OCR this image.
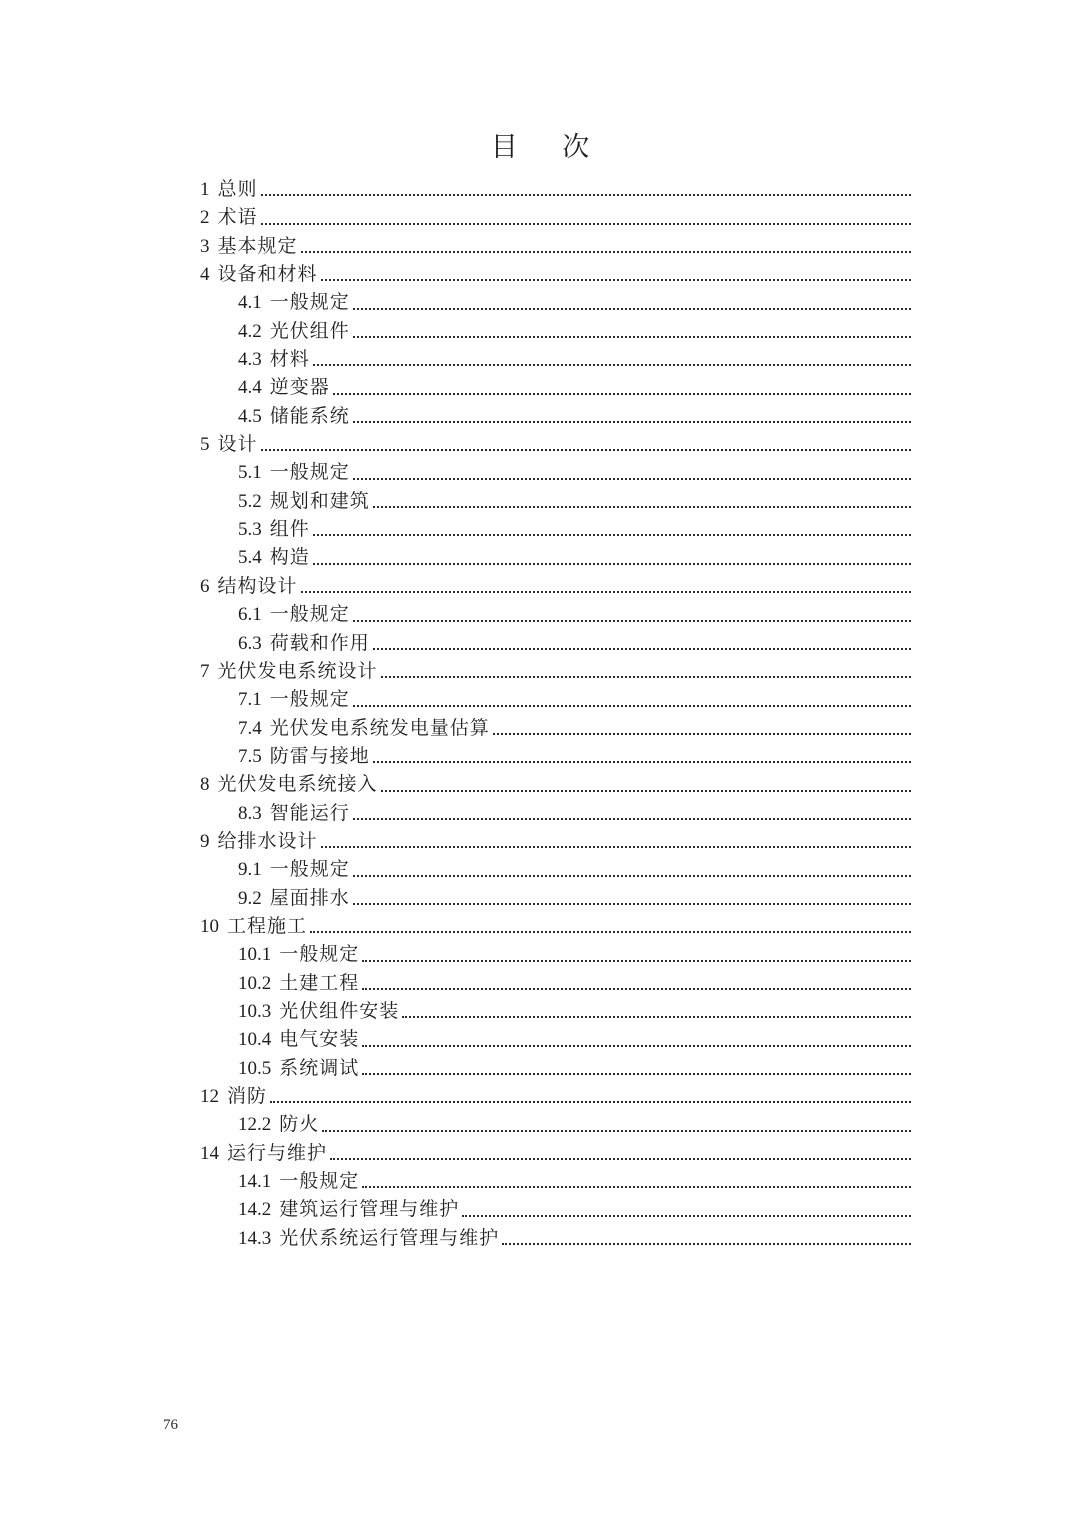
目 次
1 总则
2 术语
3 基本规定
4 设备和材料
4.1 一般规定
4.2 光伏组件
4.3 材料
4.4 逆变器
4.5 储能系统
5 设计
5.1 一般规定
5.2 规划和建筑
5.3 组件
5.4 构造
6 结构设计
6.1 一般规定
6.3 荷载和作用
7 光伏发电系统设计
7.1 一般规定
7.4 光伏发电系统发电量估算
7.5 防雷与接地
8 光伏发电系统接入
8.3 智能运行
9 给排水设计
9.1 一般规定
9.2 屋面排水
10 工程施工
10.1 一般规定
10.2 土建工程
10.3 光伏组件安装
10.4 电气安装
10.5 系统调试
12 消防
12.2 防火
14 运行与维护
14.1 一般规定
14.2 建筑运行管理与维护
14.3 光伏系统运行管理与维护
76
